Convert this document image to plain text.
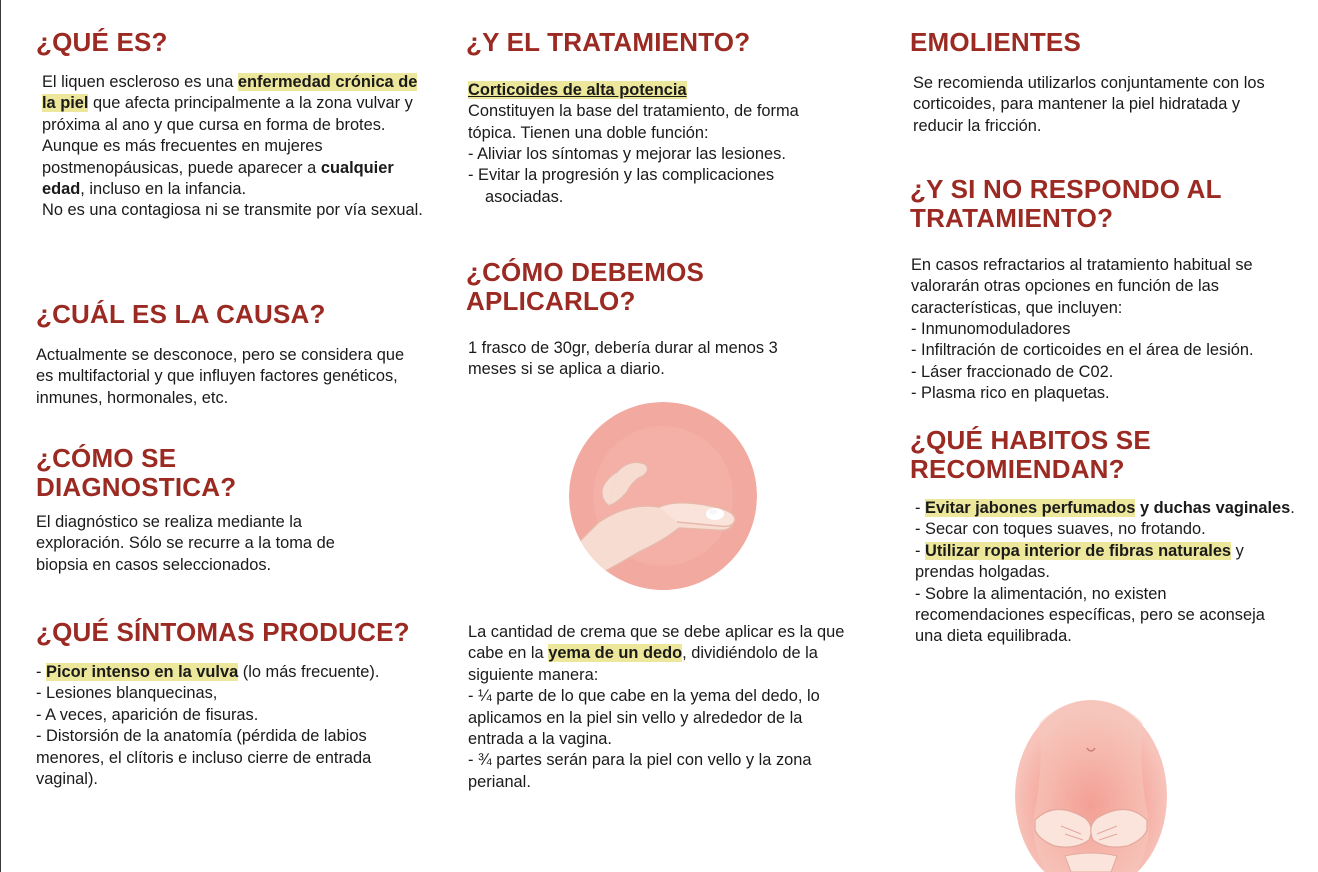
¿QUÉ ES?

El liquen escleroso es una enfermedad crónica de la piel que afecta principalmente a la zona vulvar y próxima al ano y que cursa en forma de brotes.
Aunque es más frecuentes en mujeres postmenopáusicas, puede aparecer a cualquier edad, incluso en la infancia.
No es una contagiosa ni se transmite por vía sexual.

¿CUÁL ES LA CAUSA?

Actualmente se desconoce, pero se considera que es multifactorial y que influyen factores genéticos, inmunes, hormonales, etc.

¿CÓMO SE
DIAGNOSTICA?

El diagnóstico se realiza mediante la exploración. Sólo se recurre a la toma de biopsia en casos seleccionados.

¿QUÉ SÍNTOMAS PRODUCE?

- Picor intenso en la vulva (lo más frecuente).
- Lesiones blanquecinas,
- A veces, aparición de fisuras.
- Distorsión de la anatomía (pérdida de labios menores, el clítoris e incluso cierre de entrada vaginal).

¿Y EL TRATAMIENTO?

Corticoides de alta potencia
Constituyen la base del tratamiento, de forma tópica. Tienen una doble función:

- Aliviar los síntomas y mejorar las lesiones.
- Evitar la progresión y las complicaciones asociadas.
¿CÓMO DEBEMOS
APLICARLO?

1 frasco de 30gr, debería durar al menos 3 meses si se aplica a diario.

La cantidad de crema que se debe aplicar es la que cabe en la yema de un dedo, dividiéndolo de la siguiente manera:
- ¼ parte de lo que cabe en la yema del dedo, lo aplicamos en la piel sin vello y alrededor de la entrada a la vagina.
- ¾ partes serán para la piel con vello y la zona perianal.

EMOLIENTES

Se recomienda utilizarlos conjuntamente con los corticoides, para mantener la piel hidratada y reducir la fricción.

¿Y SI NO RESPONDO AL
TRATAMIENTO?

En casos refractarios al tratamiento habitual se valorarán otras opciones en función de las características, que incluyen:

- Inmunomoduladores
- Infiltración de corticoides en el área de lesión.
- Láser fraccionado de C02.
- Plasma rico en plaquetas.
¿QUÉ HABITOS SE
RECOMIENDAN?

- Evitar jabones perfumados y duchas vaginales.
- Secar con toques suaves, no frotando.
- Utilizar ropa interior de fibras naturales y prendas holgadas.
- Sobre la alimentación, no existen recomendaciones específicas, pero se aconseja una dieta equilibrada.
